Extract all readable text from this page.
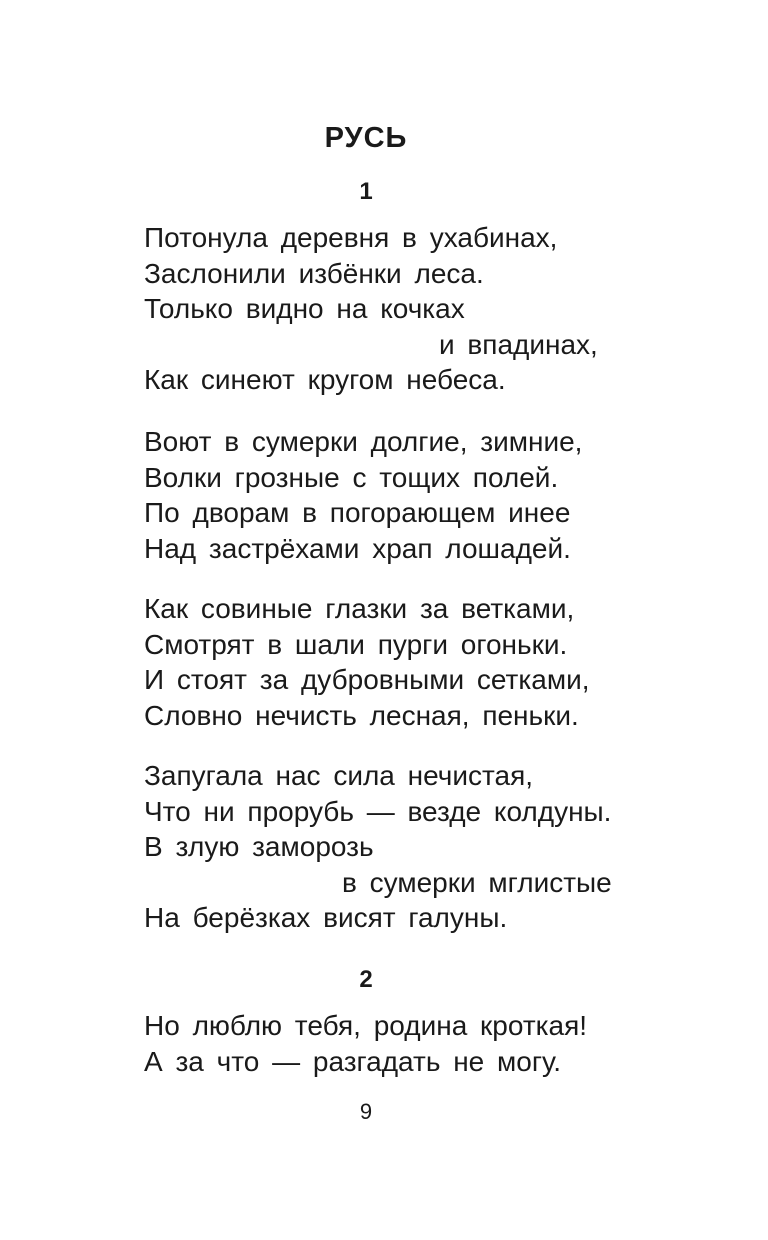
РУСЬ
1
Потонула деревня в ухабинах,
Заслонили избёнки леса.
Только видно на кочках
и впадинах,
Как синеют кругом небеса.
Воют в сумерки долгие, зимние,
Волки грозные с тощих полей.
По дворам в погорающем инее
Над застрёхами храп лошадей.
Как совиные глазки за ветками,
Смотрят в шали пурги огоньки.
И стоят за дубровными сетками,
Словно нечисть лесная, пеньки.
Запугала нас сила нечистая,
Что ни прорубь — везде колдуны.
В злую заморозь
в сумерки мглистые
На берёзках висят галуны.
2
Но люблю тебя, родина кроткая!
А за что — разгадать не могу.
9
